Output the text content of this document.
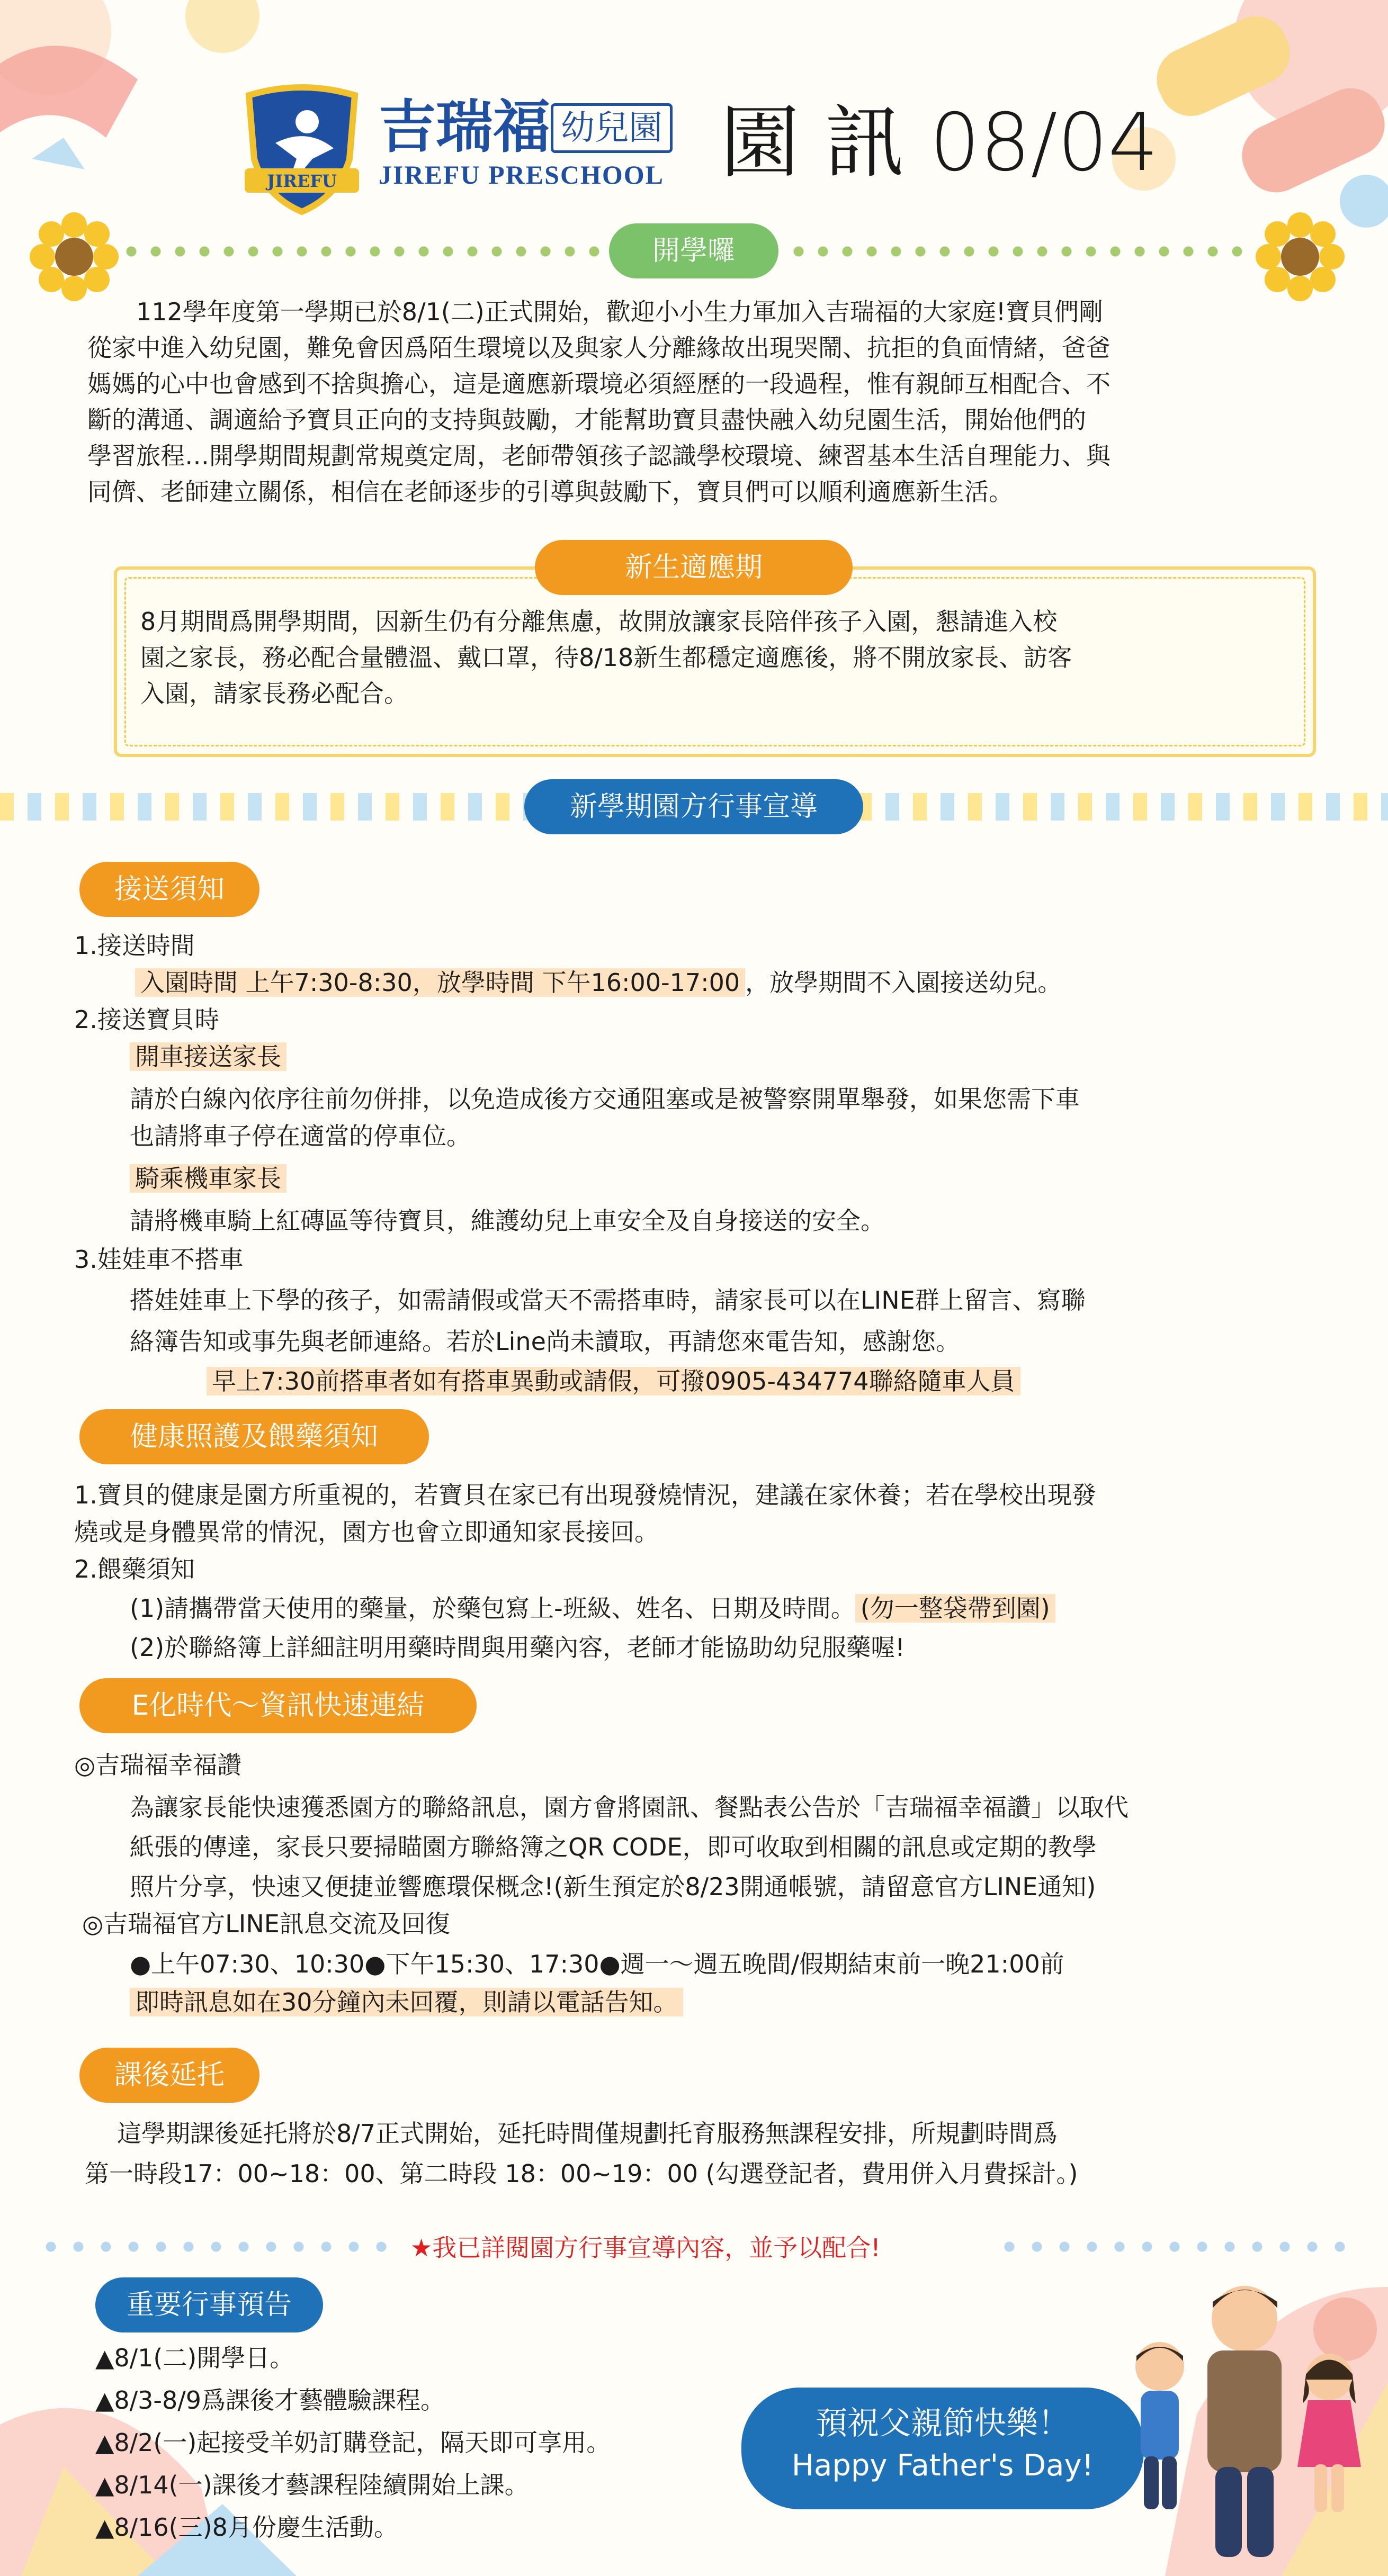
JIREFU
吉瑞福 幼兒園
JIREFU PRESCHOOL 園 訊 08/04
開學囉
　　112學年度第一學期已於8/1(二)正式開始，歡迎小小生力軍加入吉瑞福的大家庭!寶貝們剛
從家中進入幼兒園，難免會因爲陌生環境以及與家人分離緣故出現哭鬧、抗拒的負面情緒，爸爸
媽媽的心中也會感到不捨與擔心，這是適應新環境必須經歷的一段過程，惟有親師互相配合、不
斷的溝通、調適給予寶貝正向的支持與鼓勵，才能幫助寶貝盡快融入幼兒園生活，開始他們的
學習旅程…開學期間規劃常規奠定周，老師帶領孩子認識學校環境、練習基本生活自理能力、與
同儕、老師建立關係，相信在老師逐步的引導與鼓勵下，寶貝們可以順利適應新生活。
新生適應期
8月期間爲開學期間，因新生仍有分離焦慮，故開放讓家長陪伴孩子入園，懇請進入校
園之家長，務必配合量體溫、戴口罩，待8/18新生都穩定適應後，將不開放家長、訪客
入園，請家長務必配合。
新學期園方行事宣導
接送須知
1.接送時間
入園時間 上午7:30-8:30，放學時間 下午16:00-17:00 ，放學期間不入園接送幼兒。
2.接送寶貝時
開車接送家長
請於白線內依序往前勿併排，以免造成後方交通阻塞或是被警察開單舉發，如果您需下車
也請將車子停在適當的停車位。
騎乘機車家長
請將機車騎上紅磚區等待寶貝，維護幼兒上車安全及自身接送的安全。
3.娃娃車不搭車
搭娃娃車上下學的孩子，如需請假或當天不需搭車時，請家長可以在LINE群上留言、寫聯
絡簿告知或事先與老師連絡。若於Line尚未讀取，再請您來電告知，感謝您。
早上7:30前搭車者如有搭車異動或請假，可撥0905-434774聯絡隨車人員
健康照護及餵藥須知
1.寶貝的健康是園方所重視的，若寶貝在家已有出現發燒情況，建議在家休養；若在學校出現發
燒或是身體異常的情況，園方也會立即通知家長接回。
2.餵藥須知
(1)請攜帶當天使用的藥量，於藥包寫上-班級、姓名、日期及時間。 (勿一整袋帶到園)
(2)於聯絡簿上詳細註明用藥時間與用藥內容，老師才能協助幼兒服藥喔!
E化時代～資訊快速連結
◎吉瑞福幸福讚
為讓家長能快速獲悉園方的聯絡訊息，園方會將園訊、餐點表公告於「吉瑞福幸福讚」以取代
紙張的傳達，家長只要掃瞄園方聯絡簿之QR CODE，即可收取到相關的訊息或定期的教學
照片分享，快速又便捷並響應環保概念!(新生預定於8/23開通帳號，請留意官方LINE通知)
◎吉瑞福官方LINE訊息交流及回復
●上午07:30、10:30●下午15:30、17:30●週一～週五晚間/假期結束前一晚21:00前
即時訊息如在30分鐘內未回覆，則請以電話告知。
課後延托
　這學期課後延托將於8/7正式開始，延托時間僅規劃托育服務無課程安排，所規劃時間爲
第一時段17：00~18：00、第二時段 18：00~19：00 (勾選登記者，費用併入月費採計。)
★我已詳閱園方行事宣導內容，並予以配合!
重要行事預告
▲8/1(二)開學日。
▲8/3-8/9爲課後才藝體驗課程。
▲8/2(一)起接受羊奶訂購登記，隔天即可享用。
▲8/14(一)課後才藝課程陸續開始上課。
▲8/16(三)8月份慶生活動。
預祝父親節快樂！
Happy Father's Day!
